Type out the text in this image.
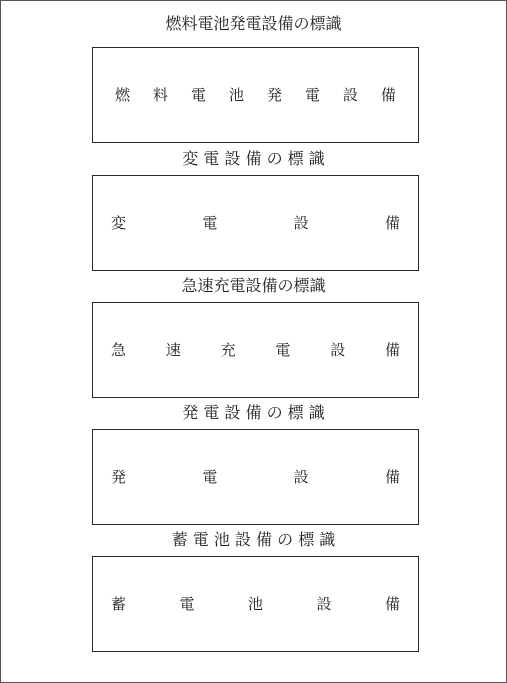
燃料電池発電設備の標識
燃 料 電 池 発 電 設 備
変 電 設 備 の 標 識
変	電	設	備
急速充電設備の標識
急	速	充	電	設	備
発 電 設 備 の 標 識
発	電	設	備
蓄 電 池 設 備 の 標 識
蓄	電	池	設	備
